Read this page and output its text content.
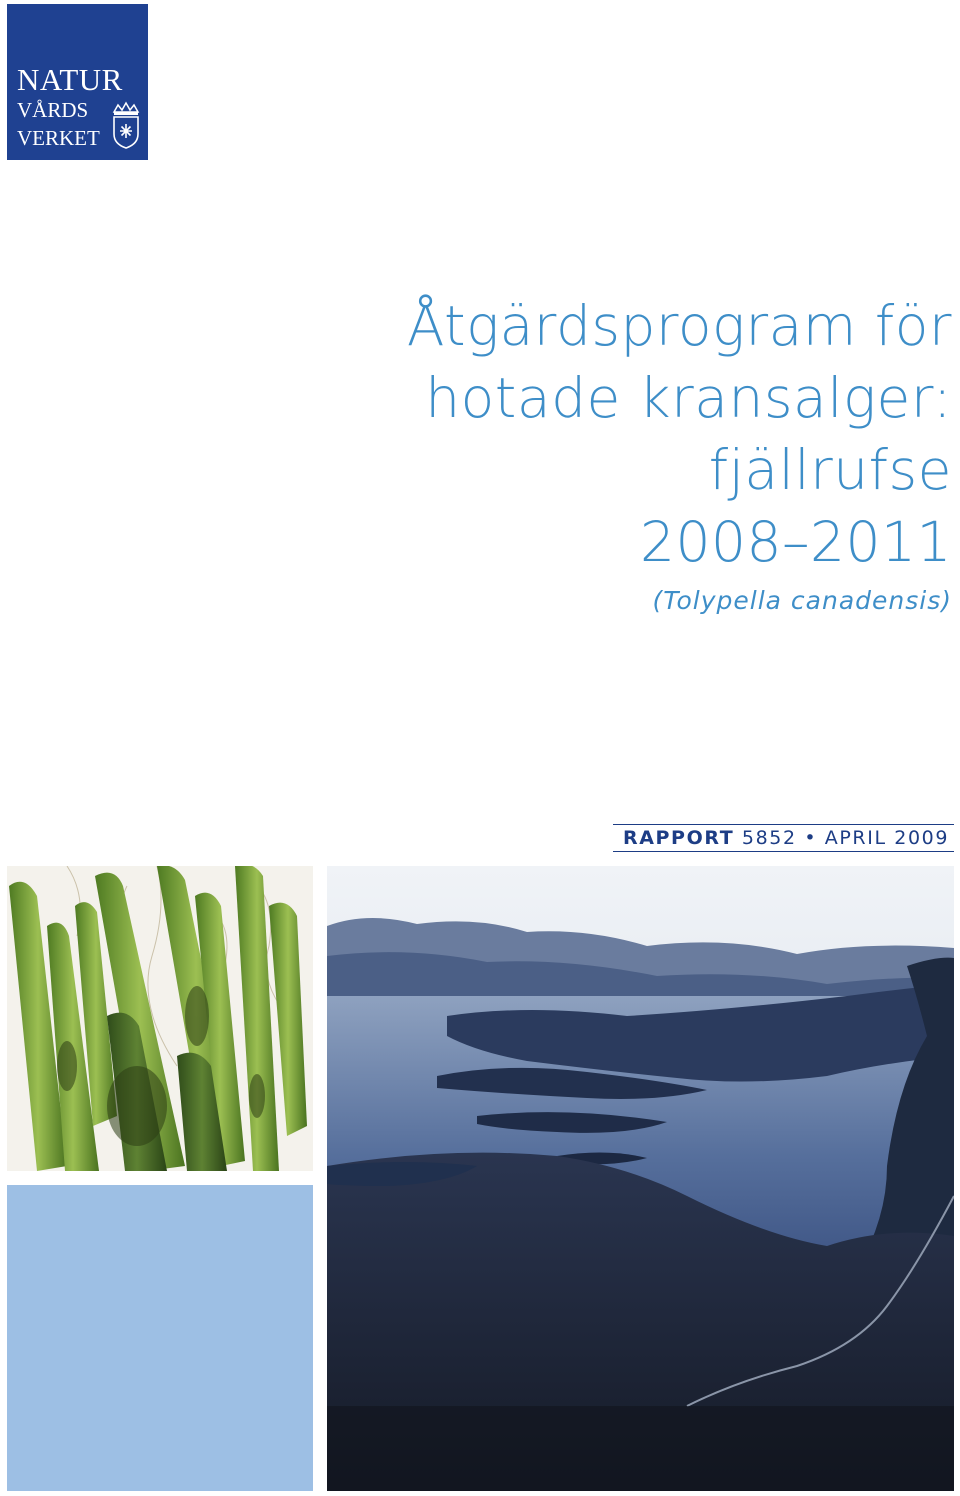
NATUR
VÅRDS
VERKET
Åtgärdsprogram för
hotade kransalger:
fjällrufse
2008–2011
(Tolypella canadensis)
RAPPORT 5852 • APRIL 2009
